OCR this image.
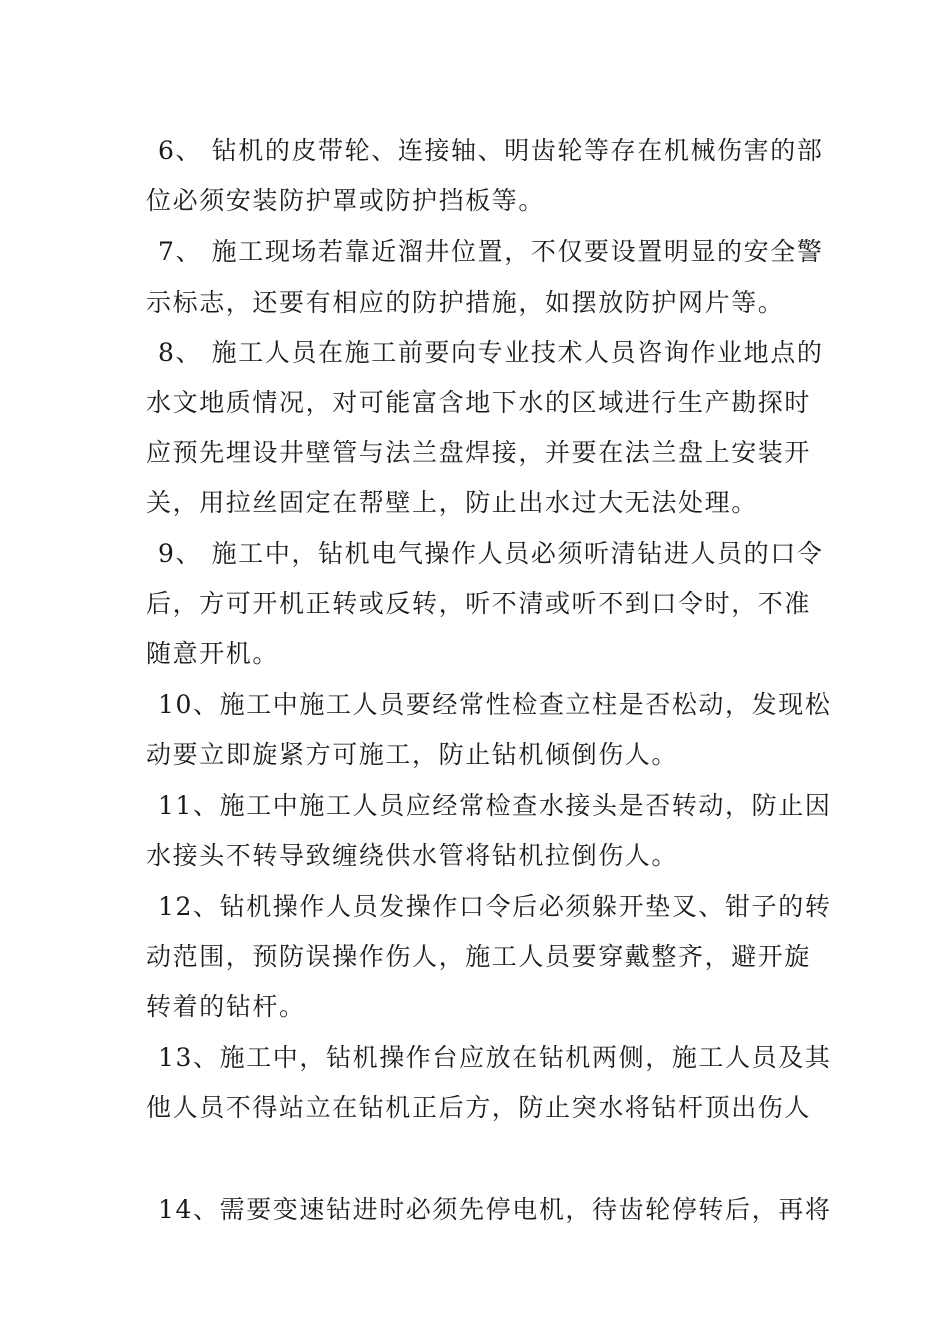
6、 钻机的皮带轮、连接轴、明齿轮等存在机械伤害的部
位必须安装防护罩或防护挡板等。
7、 施工现场若靠近溜井位置，不仅要设置明显的安全警
示标志，还要有相应的防护措施，如摆放防护网片等。
8、 施工人员在施工前要向专业技术人员咨询作业地点的
水文地质情况，对可能富含地下水的区域进行生产勘探时
应预先埋设井壁管与法兰盘焊接，并要在法兰盘上安装开
关，用拉丝固定在帮壁上，防止出水过大无法处理。
9、 施工中，钻机电气操作人员必须听清钻进人员的口令
后，方可开机正转或反转，听不清或听不到口令时，不准
随意开机。
10、施工中施工人员要经常性检查立柱是否松动，发现松
动要立即旋紧方可施工，防止钻机倾倒伤人。
11、施工中施工人员应经常检查水接头是否转动，防止因
水接头不转导致缠绕供水管将钻机拉倒伤人。
12、钻机操作人员发操作口令后必须躲开垫叉、钳子的转
动范围，预防误操作伤人，施工人员要穿戴整齐，避开旋
转着的钻杆。
13、施工中，钻机操作台应放在钻机两侧，施工人员及其
他人员不得站立在钻机正后方，防止突水将钻杆顶出伤人
14、需要变速钻进时必须先停电机，待齿轮停转后，再将
